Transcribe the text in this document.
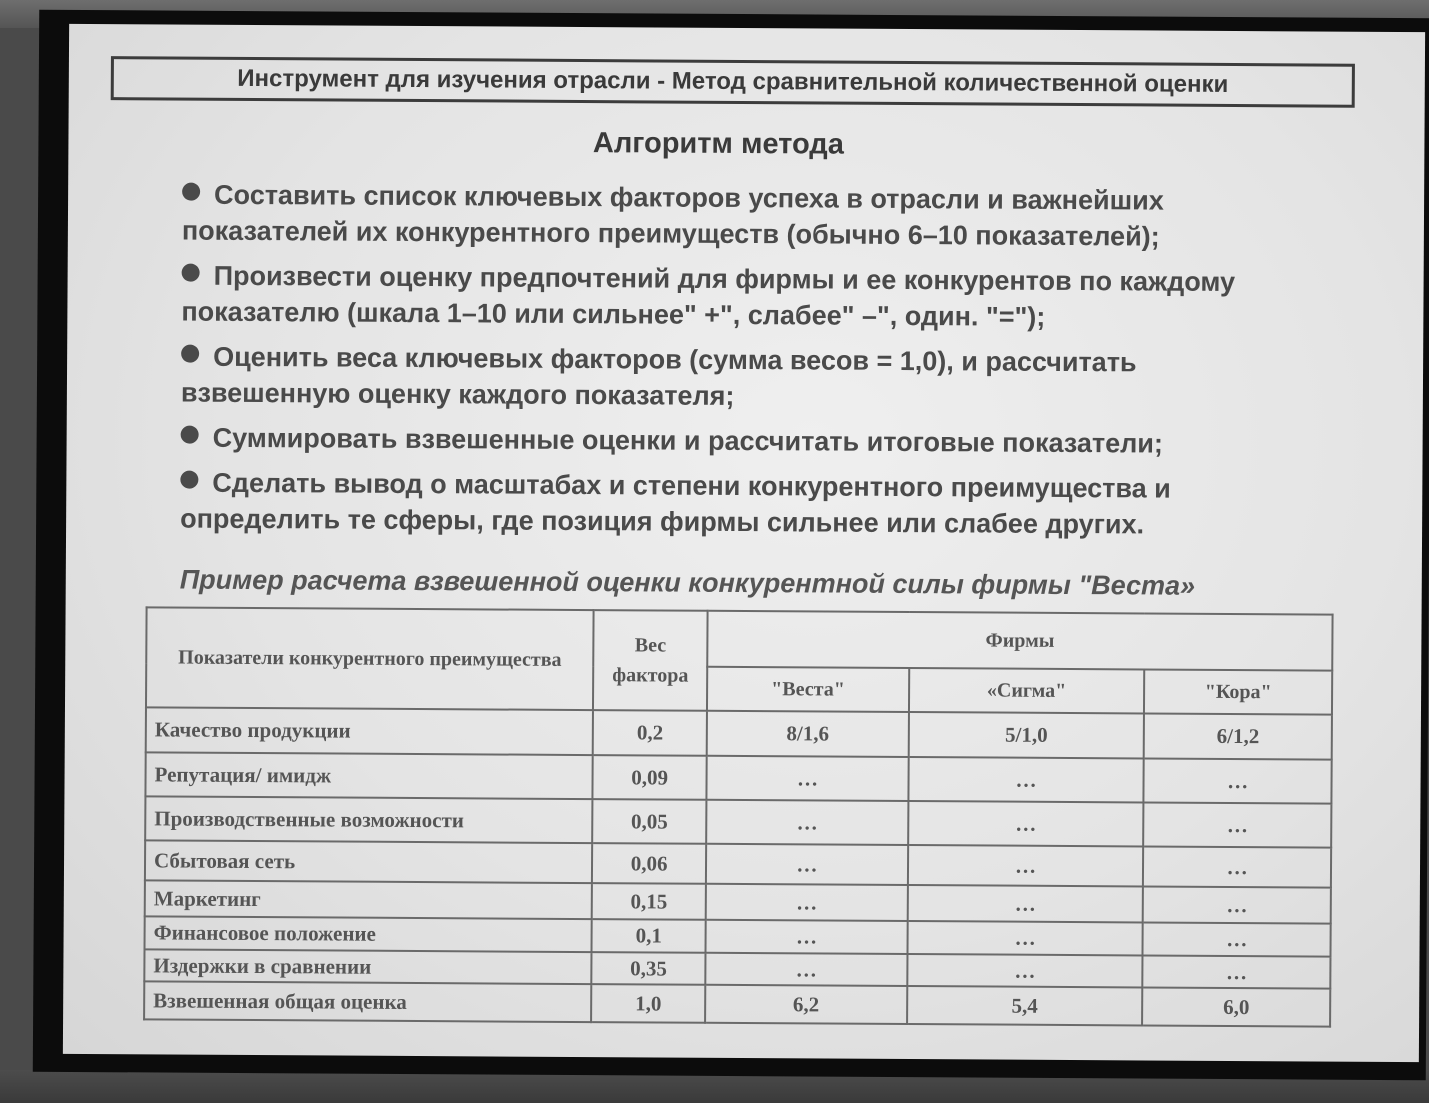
Инструмент для изучения отрасли - Метод сравнительной количественной оценки
Алгоритм метода
Составить список ключевых факторов успеха в отрасли и важнейших показателей их конкурентного преимуществ (обычно 6–10 показателей);
Произвести оценку предпочтений для фирмы и ее конкурентов по каждому показателю (шкала 1–10 или сильнее" +", слабее" –", один. "=");
Оценить веса ключевых факторов (сумма весов = 1,0), и рассчитать взвешенную оценку каждого показателя;
Суммировать взвешенные оценки и рассчитать итоговые показатели;
Сделать вывод о масштабах и степени конкурентного преимущества и определить те сферы, где позиция фирмы сильнее или слабее других.
Пример расчета взвешенной оценки конкурентной силы фирмы "Веста»
Показатели конкурентного преимущества	Вес фактора	Фирмы		
		"Веста"	«Сигма"	"Кора"
Качество продукции	0,2	8/1,6	5/1,0	6/1,2
Репутация/ имидж	0,09	…	…	…
Производственные возможности	0,05	…	…	…
Сбытовая сеть	0,06	…	…	…
Маркетинг	0,15	…	…	…
Финансовое положение	0,1	…	…	…
Издержки в сравнении	0,35	…	…	…
Взвешенная общая оценка	1,0	6,2	5,4	6,0
